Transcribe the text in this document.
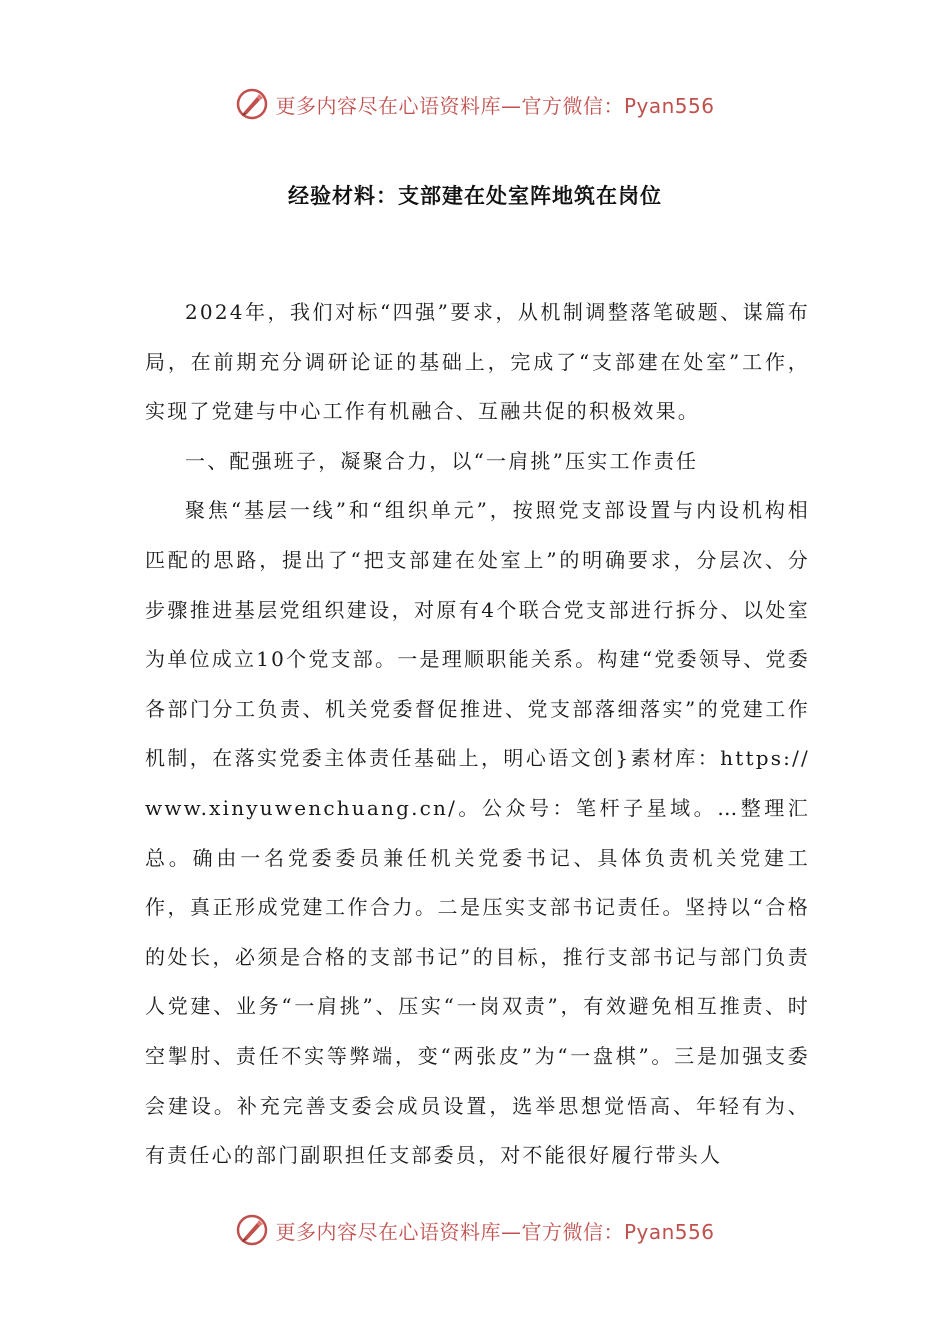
更多内容尽在心语资料库—官方微信：Pyan556
经验材料：支部建在处室阵地筑在岗位

2024年，我们对标“四强”要求，从机制调整落笔破题、谋篇布局，在前期充分调研论证的基础上，完成了“支部建在处室”工作，实现了党建与中心工作有机融合、互融共促的积极效果。

一、配强班子，凝聚合力，以“一肩挑”压实工作责任

聚焦“基层一线”和“组织单元”，按照党支部设置与内设机构相匹配的思路，提出了“把支部建在处室上”的明确要求，分层次、分步骤推进基层党组织建设，对原有4个联合党支部进行拆分、以处室为单位成立10个党支部。一是理顺职能关系。构建“党委领导、党委各部门分工负责、机关党委督促推进、党支部落细落实”的党建工作机制，在落实党委主体责任基础上，明心语文创}素材库：https://www.xinyuwenchuang.cn/。公众号：笔杆子星域。…整理汇总。确由一名党委委员兼任机关党委书记、具体负责机关党建工作，真正形成党建工作合力。二是压实支部书记责任。坚持以“合格的处长，必须是合格的支部书记”的目标，推行支部书记与部门负责人党建、业务“一肩挑”、压实“一岗双责”，有效避免相互推责、时空掣肘、责任不实等弊端，变“两张皮”为“一盘棋”。三是加强支委会建设。补充完善支委会成员设置，选举思想觉悟高、年轻有为、有责任心的部门副职担任支部委员，对不能很好履行带头人

更多内容尽在心语资料库—官方微信：Pyan556
